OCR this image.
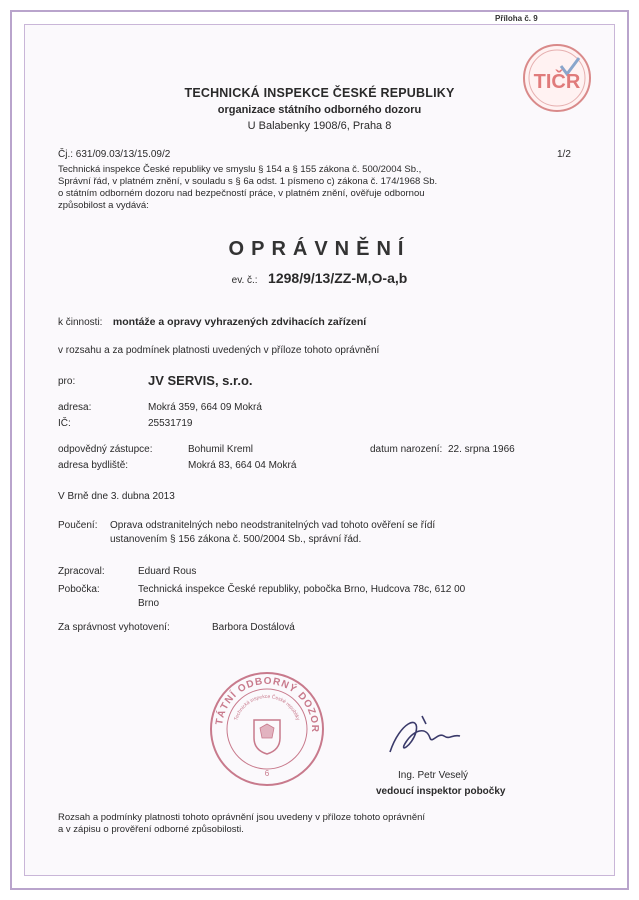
Příloha č. 9
TIČR
TECHNICKÁ INSPEKCE ČESKÉ REPUBLIKY
organizace státního odborného dozoru
U Balabenky 1908/6, Praha 8
Čj.: 631/09.03/13/15.09/2	1/2
Technická inspekce České republiky ve smyslu § 154 a § 155 zákona č. 500/2004 Sb.,
Správní řád, v platném znění, v souladu s § 6a odst. 1 písmeno c) zákona č. 174/1968 Sb.
o státním odborném dozoru nad bezpečností práce, v platném znění, ověřuje odbornou
způsobilost a vydává:
OPRÁVNĚNÍ
ev. č.: 1298/9/13/ZZ-M,O-a,b
k činnosti: montáže a opravy vyhrazených zdvihacích zařízení
v rozsahu a za podmínek platnosti uvedených v příloze tohoto oprávnění
pro:	JV SERVIS, s.r.o.
adresa:	Mokrá 359, 664 09 Mokrá
IČ:	25531719
odpovědný zástupce:	Bohumil Kreml	datum narození: 22. srpna 1966
adresa bydliště:	Mokrá 83, 664 04 Mokrá
V Brně dne 3. dubna 2013
Poučení: Oprava odstranitelných nebo neodstranitelných vad tohoto ověření se řídí
ustanovením § 156 zákona č. 500/2004 Sb., správní řád.
Zpracoval:	Eduard Rous
Pobočka:	Technická inspekce České republiky, pobočka Brno, Hudcova 78c, 612 00
Brno
Za správnost vyhotovení:	Barbora Dostálová
TÁTNÍ ODBORNÝ DOZOR
Technická inspekce České republiky
6	Ing. Petr Veselý
vedoucí inspektor pobočky
Rozsah a podmínky platnosti tohoto oprávnění jsou uvedeny v příloze tohoto oprávnění
a v zápisu o prověření odborné způsobilosti.
